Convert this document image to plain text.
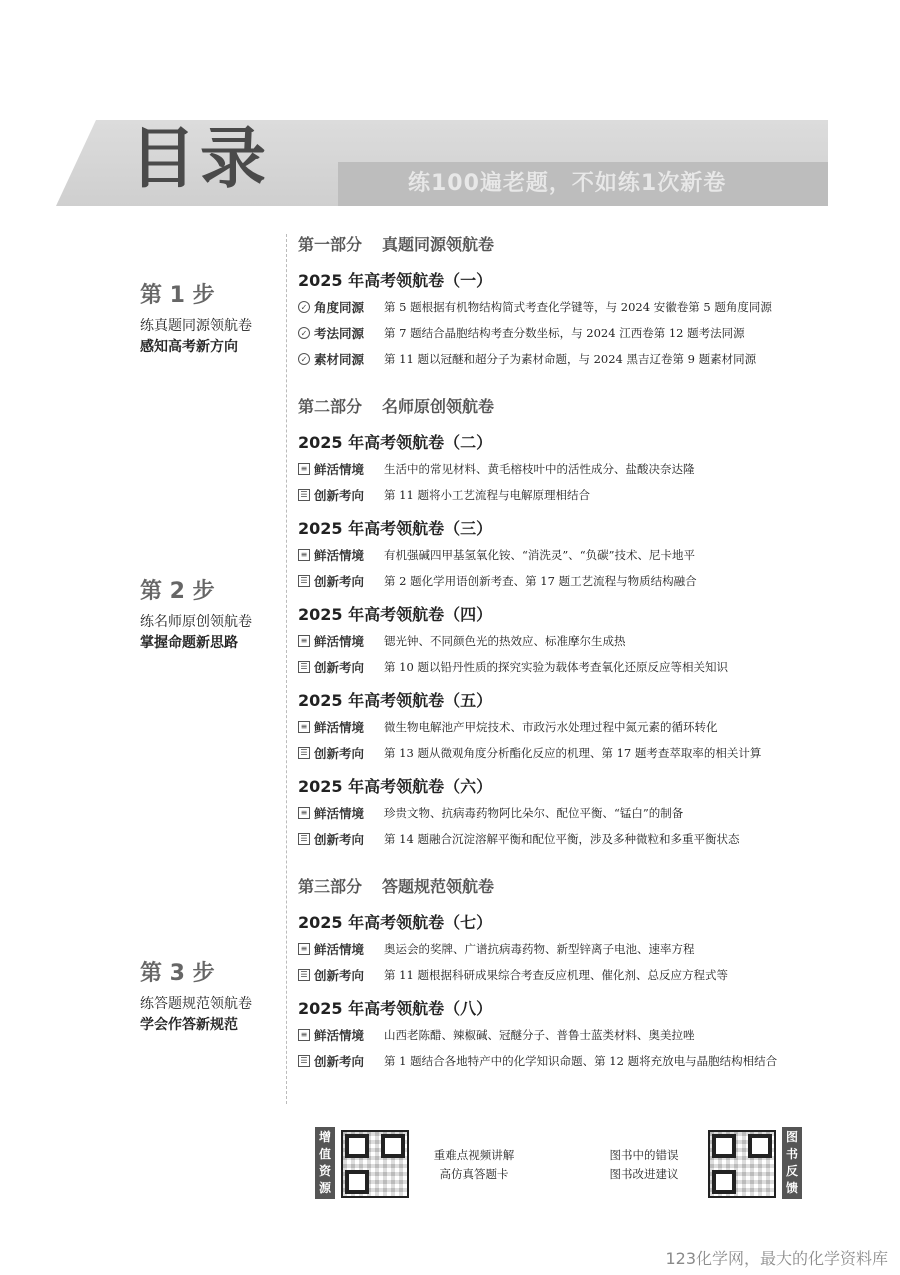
目录	练100遍老题，不如练1次新卷
第 1 步
练真题同源领航卷
感知高考新方向
第 2 步
练名师原创领航卷
掌握命题新思路
第 3 步
练答题规范领航卷
学会作答新规范
第一部分 真题同源领航卷
2025 年高考领航卷（一）
✓ 角度同源	第 5 题根据有机物结构简式考查化学键等，与 2024 安徽卷第 5 题角度同源
✓ 考法同源	第 7 题结合晶胞结构考查分数坐标，与 2024 江西卷第 12 题考法同源
✓ 素材同源	第 11 题以冠醚和超分子为素材命题，与 2024 黑吉辽卷第 9 题素材同源
第二部分 名师原创领航卷
2025 年高考领航卷（二）
≡ 鲜活情境	生活中的常见材料、黄毛榕枝叶中的活性成分、盐酸决奈达隆
☰ 创新考向	第 11 题将小工艺流程与电解原理相结合
2025 年高考领航卷（三）
≡ 鲜活情境	有机强碱四甲基氢氧化铵、“消洗灵”、“负碳”技术、尼卡地平
☰ 创新考向	第 2 题化学用语创新考查、第 17 题工艺流程与物质结构融合
2025 年高考领航卷（四）
≡ 鲜活情境	锶光钟、不同颜色光的热效应、标准摩尔生成热
☰ 创新考向	第 10 题以铅丹性质的探究实验为载体考查氧化还原反应等相关知识
2025 年高考领航卷（五）
≡ 鲜活情境	微生物电解池产甲烷技术、市政污水处理过程中氮元素的循环转化
☰ 创新考向	第 13 题从微观角度分析酯化反应的机理、第 17 题考查萃取率的相关计算
2025 年高考领航卷（六）
≡ 鲜活情境	珍贵文物、抗病毒药物阿比朵尔、配位平衡、“锰白”的制备
☰ 创新考向	第 14 题融合沉淀溶解平衡和配位平衡，涉及多种微粒和多重平衡状态
第三部分 答题规范领航卷
2025 年高考领航卷（七）
≡ 鲜活情境	奥运会的奖牌、广谱抗病毒药物、新型锌离子电池、速率方程
☰ 创新考向	第 11 题根据科研成果综合考查反应机理、催化剂、总反应方程式等
2025 年高考领航卷（八）
≡ 鲜活情境	山西老陈醋、辣椒碱、冠醚分子、普鲁士蓝类材料、奥美拉唑
☰ 创新考向	第 1 题结合各地特产中的化学知识命题、第 12 题将充放电与晶胞结构相结合
增值资源
重难点视频讲解
高仿真答题卡
图书中的错误
图书改进建议
图书反馈
123化学网，最大的化学资料库
